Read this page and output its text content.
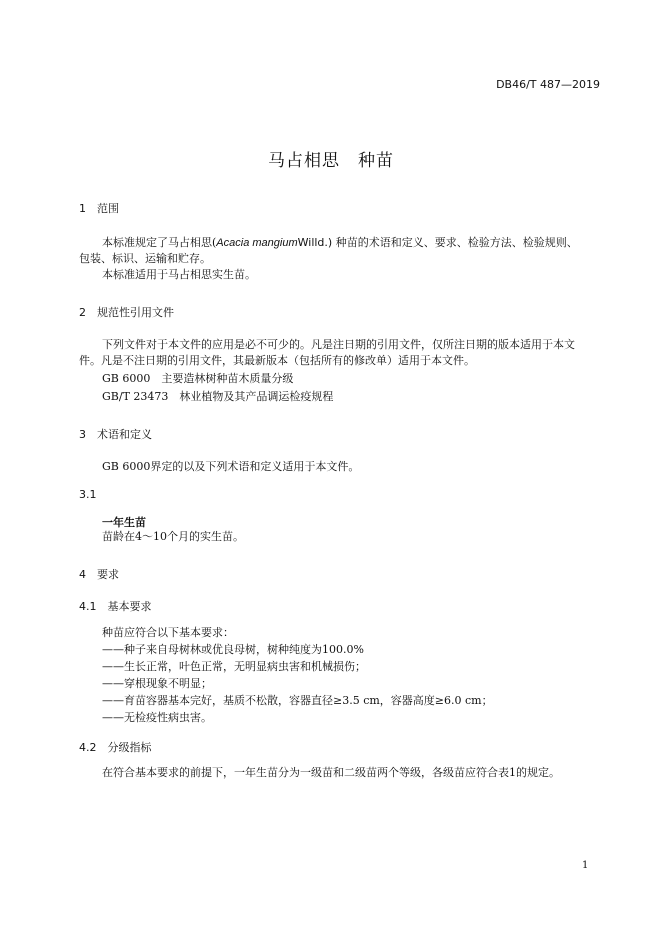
DB46/T 487—2019
马占相思　种苗
1　范围
本标准规定了马占相思(Acacia mangiumWilld.) 种苗的术语和定义、要求、检验方法、检验规则、
包装、标识、运输和贮存。
本标准适用于马占相思实生苗。
2　规范性引用文件
下列文件对于本文件的应用是必不可少的。凡是注日期的引用文件，仅所注日期的版本适用于本文
件。凡是不注日期的引用文件，其最新版本（包括所有的修改单）适用于本文件。
GB 6000　主要造林树种苗木质量分级
GB/T 23473　林业植物及其产品调运检疫规程
3　术语和定义
GB 6000界定的以及下列术语和定义适用于本文件。
3.1
一年生苗
苗龄在4～10个月的实生苗。
4　要求
4.1　基本要求
种苗应符合以下基本要求：
——种子来自母树林或优良母树，树种纯度为100.0%
——生长正常，叶色正常，无明显病虫害和机械损伤；
——穿根现象不明显；
——育苗容器基本完好，基质不松散，容器直径≥3.5 cm，容器高度≥6.0 cm；
——无检疫性病虫害。
4.2　分级指标
在符合基本要求的前提下，一年生苗分为一级苗和二级苗两个等级，各级苗应符合表1的规定。
1
